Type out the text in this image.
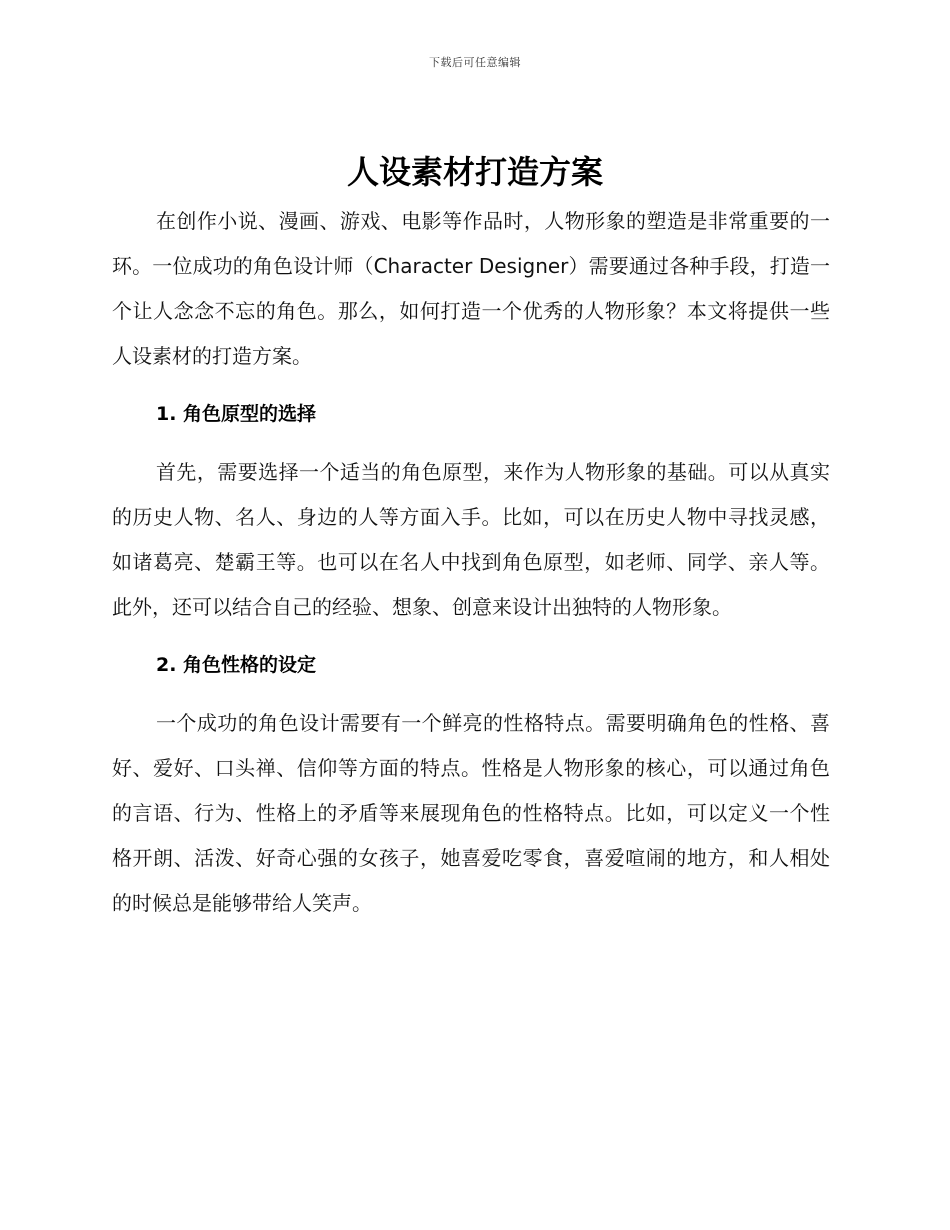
下载后可任意编辑
人设素材打造方案

在创作小说、漫画、游戏、电影等作品时，人物形象的塑造是非常重要的一环。一位成功的角色设计师（Character Designer）需要通过各种手段，打造一个让人念念不忘的角色。那么，如何打造一个优秀的人物形象？本文将提供一些人设素材的打造方案。

1. 角色原型的选择

首先，需要选择一个适当的角色原型，来作为人物形象的基础。可以从真实的历史人物、名人、身边的人等方面入手。比如，可以在历史人物中寻找灵感，如诸葛亮、楚霸王等。也可以在名人中找到角色原型，如老师、同学、亲人等。此外，还可以结合自己的经验、想象、创意来设计出独特的人物形象。

2. 角色性格的设定

一个成功的角色设计需要有一个鲜亮的性格特点。需要明确角色的性格、喜好、爱好、口头禅、信仰等方面的特点。性格是人物形象的核心，可以通过角色的言语、行为、性格上的矛盾等来展现角色的性格特点。比如，可以定义一个性格开朗、活泼、好奇心强的女孩子，她喜爱吃零食，喜爱喧闹的地方，和人相处的时候总是能够带给人笑声。
